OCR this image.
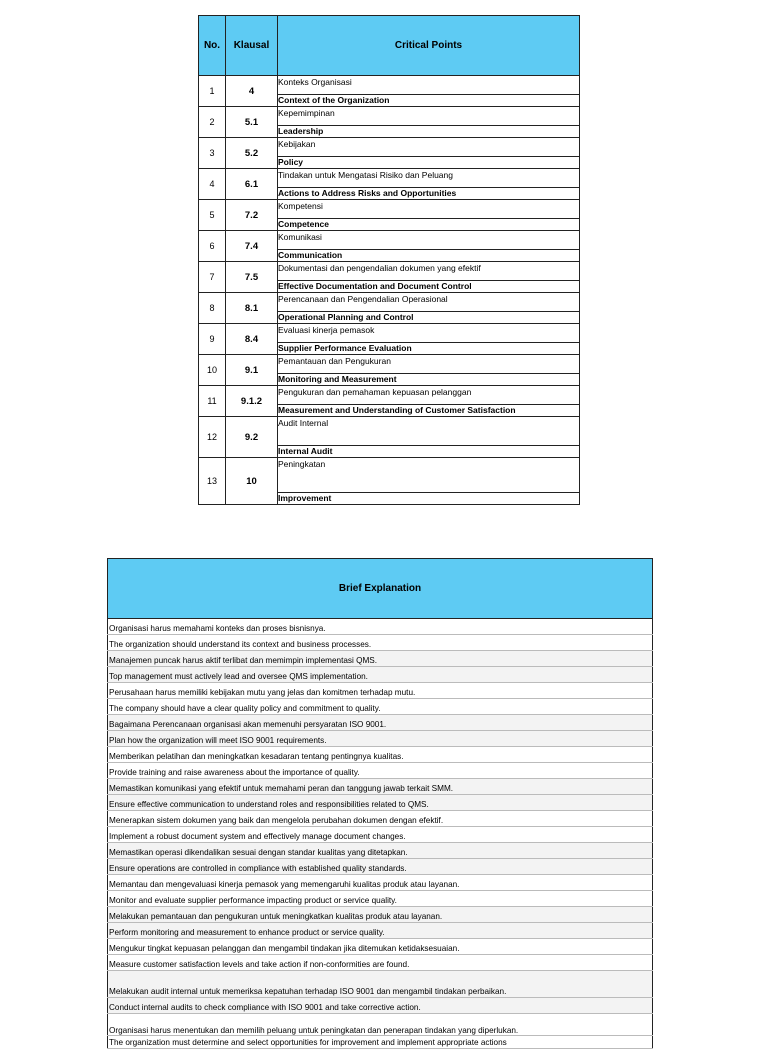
No.	Klausal	Critical Points
1	4	Konteks Organisasi
Context of the Organization

2	5.1	Kepemimpinan
Leadership

3	5.2	Kebijakan
Policy

4	6.1	Tindakan untuk Mengatasi Risiko dan Peluang
Actions to Address Risks and Opportunities

5	7.2	Kompetensi
Competence

6	7.4	Komunikasi
Communication

7	7.5	Dokumentasi dan pengendalian dokumen yang efektif
Effective Documentation and Document Control

8	8.1	Perencanaan dan Pengendalian Operasional
Operational Planning and Control

9	8.4	Evaluasi kinerja pemasok
Supplier Performance Evaluation

10	9.1	Pemantauan dan Pengukuran
Monitoring and Measurement

11	9.1.2	Pengukuran dan pemahaman kepuasan pelanggan
Measurement and Understanding of Customer Satisfaction

12	9.2	Audit Internal
Internal Audit

13	10	Peningkatan
Improvement
Brief Explanation
Organisasi harus memahami konteks dan proses bisnisnya.
The organization should understand its context and business processes.
Manajemen puncak harus aktif terlibat dan memimpin implementasi QMS.
Top management must actively lead and oversee QMS implementation.
Perusahaan harus memiliki kebijakan mutu yang jelas dan komitmen terhadap mutu.
The company should have a clear quality policy and commitment to quality.
Bagaimana Perencanaan organisasi akan memenuhi persyaratan ISO 9001.
Plan how the organization will meet ISO 9001 requirements.
Memberikan pelatihan dan meningkatkan kesadaran tentang pentingnya kualitas.
Provide training and raise awareness about the importance of quality.
Memastikan komunikasi yang efektif untuk memahami peran dan tanggung jawab terkait SMM.
Ensure effective communication to understand roles and responsibilities related to QMS.
Menerapkan sistem dokumen yang baik dan mengelola perubahan dokumen dengan efektif.
Implement a robust document system and effectively manage document changes.
Memastikan operasi dikendalikan sesuai dengan standar kualitas yang ditetapkan.
Ensure operations are controlled in compliance with established quality standards.
Memantau dan mengevaluasi kinerja pemasok yang memengaruhi kualitas produk atau layanan.
Monitor and evaluate supplier performance impacting product or service quality.
Melakukan pemantauan dan pengukuran untuk meningkatkan kualitas produk atau layanan.
Perform monitoring and measurement to enhance product or service quality.
Mengukur tingkat kepuasan pelanggan dan mengambil tindakan jika ditemukan ketidaksesuaian.
Measure customer satisfaction levels and take action if non-conformities are found.
Melakukan audit internal untuk memeriksa kepatuhan terhadap ISO 9001 dan mengambil tindakan perbaikan.
Conduct internal audits to check compliance with ISO 9001 and take corrective action.
Organisasi harus menentukan dan memilih peluang untuk peningkatan dan penerapan tindakan yang diperlukan.
The organization must determine and select opportunities for improvement and implement appropriate actions
